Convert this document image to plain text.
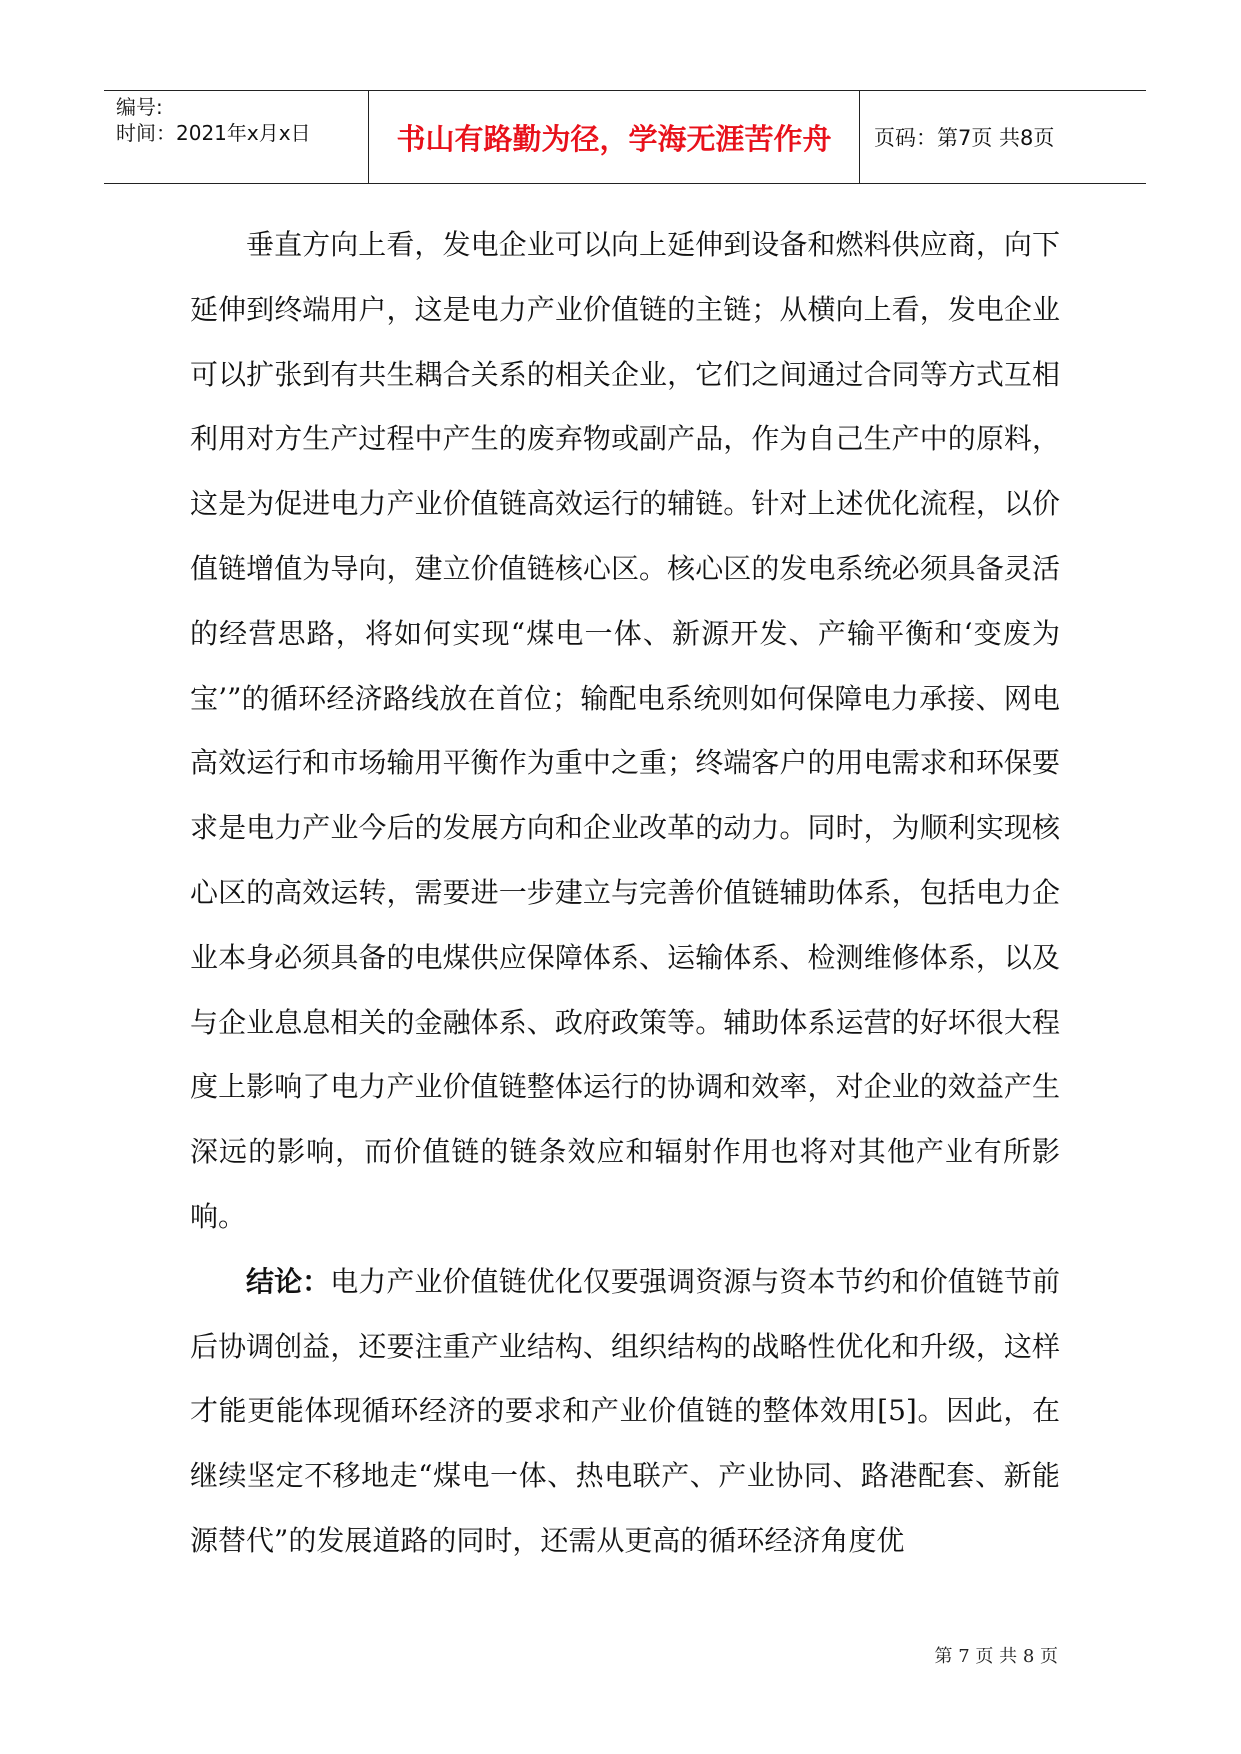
编号:
时间：2021年x月x日	书山有路勤为径，学海无涯苦作舟 页码：第7页 共8页

垂直方向上看，发电企业可以向上延伸到设备和燃料供应商，向下延伸到终端用户，这是电力产业价值链的主链；从横向上看，发电企业可以扩张到有共生耦合关系的相关企业，它们之间通过合同等方式互相利用对方生产过程中产生的废弃物或副产品，作为自己生产中的原料，这是为促进电力产业价值链高效运行的辅链。针对上述优化流程，以价值链增值为导向，建立价值链核心区。核心区的发电系统必须具备灵活的经营思路，将如何实现“煤电一体、新源开发、产输平衡和‘变废为宝’”的循环经济路线放在首位；输配电系统则如何保障电力承接、网电高效运行和市场输用平衡作为重中之重；终端客户的用电需求和环保要求是电力产业今后的发展方向和企业改革的动力。同时，为顺利实现核心区的高效运转，需要进一步建立与完善价值链辅助体系，包括电力企业本身必须具备的电煤供应保障体系、运输体系、检测维修体系，以及与企业息息相关的金融体系、政府政策等。辅助体系运营的好坏很大程度上影响了电力产业价值链整体运行的协调和效率，对企业的效益产生深远的影响，而价值链的链条效应和辐射作用也将对其他产业有所影响。

结论：电力产业价值链优化仅要强调资源与资本节约和价值链节前后协调创益，还要注重产业结构、组织结构的战略性优化和升级，这样才能更能体现循环经济的要求和产业价值链的整体效用[5]。因此，在继续坚定不移地走“煤电一体、热电联产、产业协同、路港配套、新能源替代”的发展道路的同时，还需从更高的循环经济角度优

第 7 页 共 8 页
